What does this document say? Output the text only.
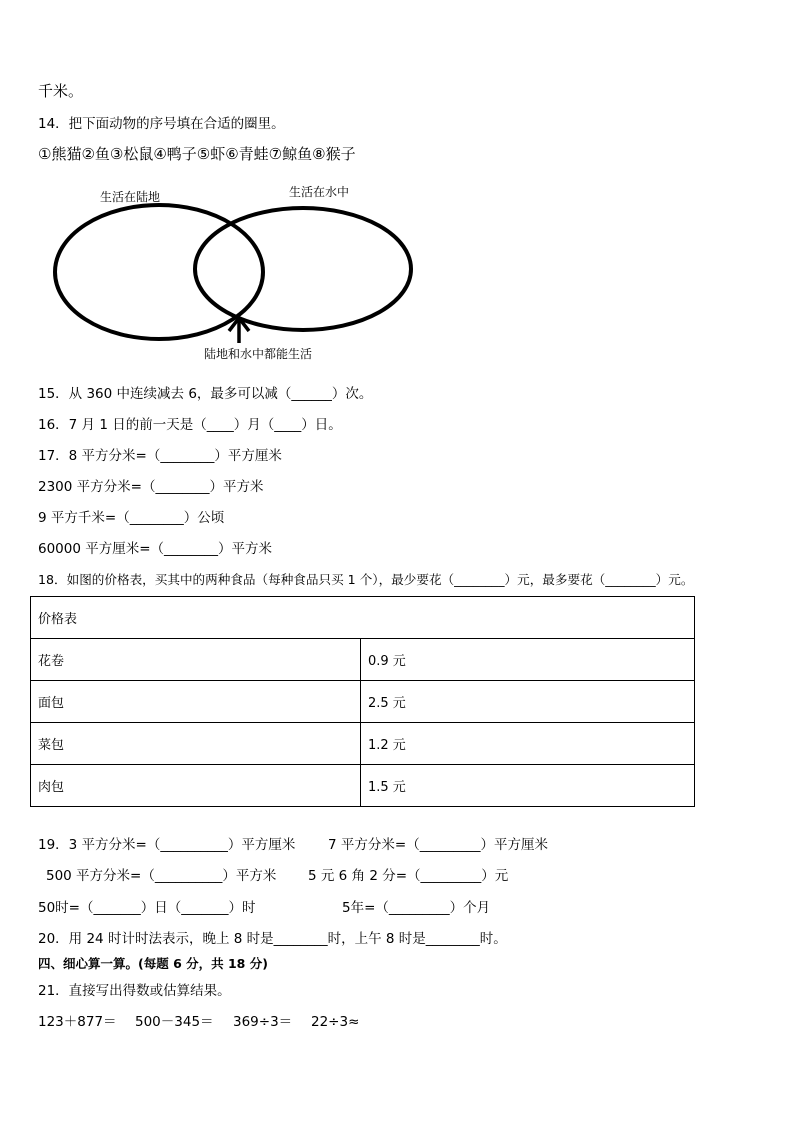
千米。
14．把下面动物的序号填在合适的圈里。
①熊猫②鱼③松鼠④鸭子⑤虾⑥青蛙⑦鲸鱼⑧猴子
生活在陆地	生活在水中
陆地和水中都能生活
15．从 360 中连续减去 6，最多可以减（______）次。
16．7 月 1 日的前一天是（____）月（____）日。
17．8 平方分米=（________）平方厘米
2300 平方分米=（________）平方米
9 平方千米=（________）公顷
60000 平方厘米=（________）平方米
18．如图的价格表，买其中的两种食品（每种食品只买 1 个），最少要花（________）元，最多要花（________）元。
价格表	
花卷	0.9 元
面包	2.5 元
菜包	1.2 元
肉包	1.5 元
19．3 平方分米=（__________）平方厘米 7 平方分米=（_________）平方厘米
500 平方分米=（__________）平方米 5 元 6 角 2 分=（_________）元
50时=（_______）日（_______）时	5年=（_________）个月
20．用 24 时计时法表示，晚上 8 时是________时，上午 8 时是________时。
四、细心算一算。(每题 6 分，共 18 分)
21．直接写出得数或估算结果。
123＋877＝ 500－345＝ 369÷3＝ 22÷3≈
